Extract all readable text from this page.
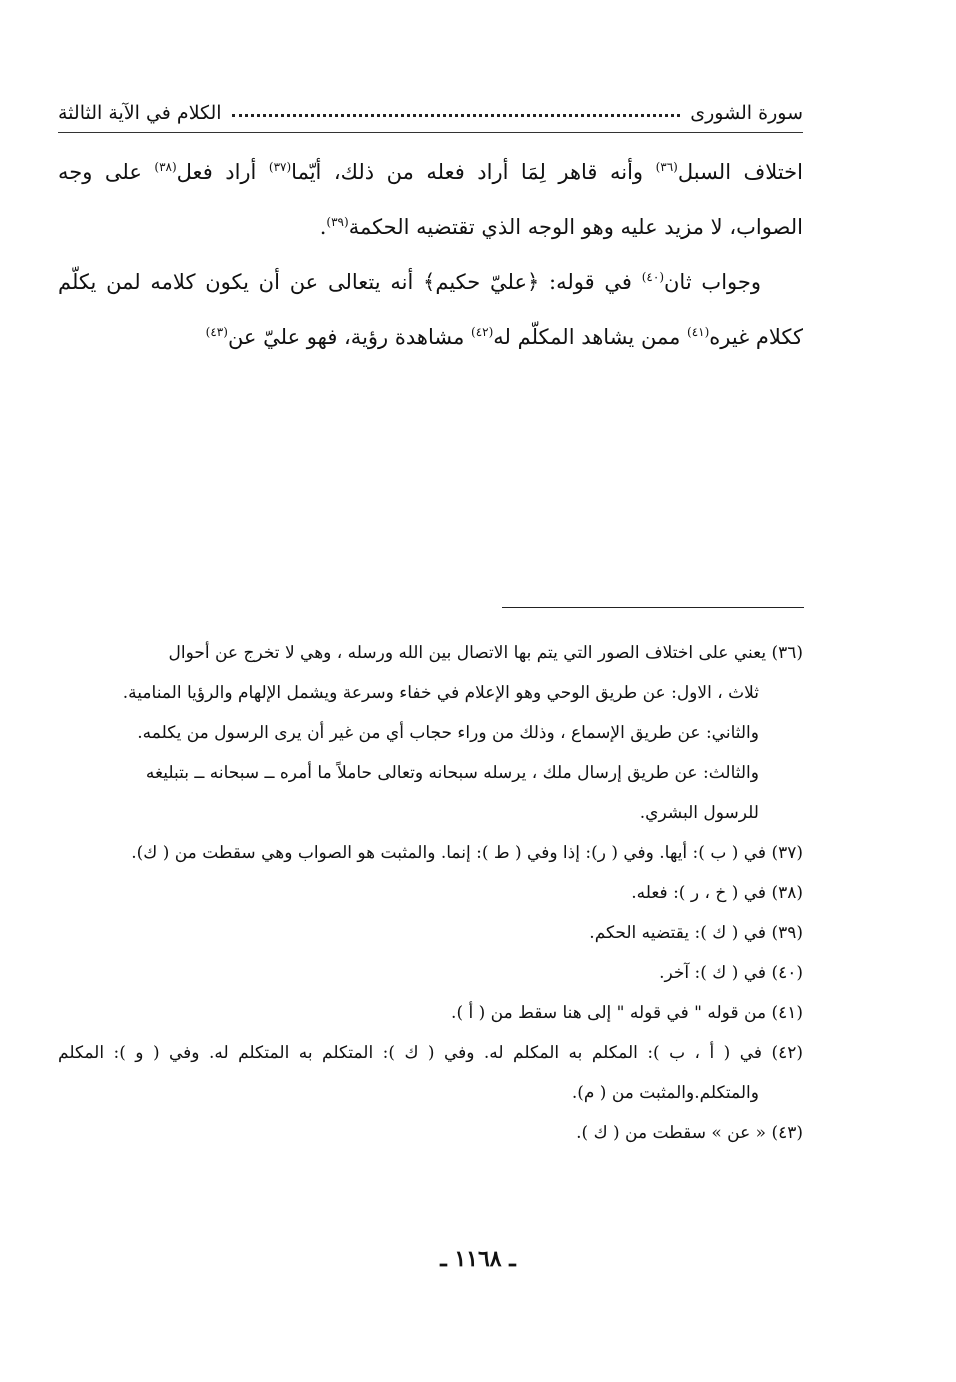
سورة الشورى
الكلام في الآية الثالثة

اختلاف السبل$^{(٣٦)}$ وأنه قاهر لِمَا أراد فعله من ذلك، أيّما$^{(٣٧)}$ أراد فعل$^{(٣٨)}$ على وجه الصواب، لا مزيد عليه وهو الوجه الذي تقتضيه الحكمة$^{(٣٩)}$.

وجواب ثان$^{(٤٠)}$ في قوله: ﴿عليّ حكيم﴾ أنه يتعالى عن أن يكون كلامه لمن يكلّم ككلام غيره$^{(٤١)}$ ممن يشاهد المكلّم له$^{(٤٢)}$ مشاهدة رؤية، فهو عليّ عن$^{(٤٣)}$

(٣٦) يعني على اختلاف الصور التي يتم بها الاتصال بين الله ورسله ، وهي لا تخرج عن أحوال

ثلاث ، الاول: عن طريق الوحي وهو الإعلام في خفاء وسرعة ويشمل الإلهام والرؤيا المنامية.

والثاني: عن طريق الإسماع ، وذلك من وراء حجاب أي من غير أن يرى الرسول من يكلمه.

والثالث: عن طريق إرسال ملك ، يرسله سبحانه وتعالى حاملاً ما أمره ــ سبحانه ــ بتبليغه

للرسول البشري.

(٣٧) في ( ب ): أيها. وفي ( ر): إذا وفي ( ط ): إنما. والمثبت هو الصواب وهي سقطت من ( ك).

(٣٨) في ( خ ، ر ): فعله.

(٣٩) في ( ك ): يقتضيه الحكم.

(٤٠) في ( ك ): آخر.

(٤١) من قوله " في قوله " إلى هنا سقط من ( أ ).

(٤٢) في ( أ ، ب ): المكلم به المكلم له. وفي ( ك ): المتكلم به المتكلم له. وفي ( و ): المكلم والمتكلم.والمثبت من ( م).

(٤٣) « عن » سقطت من ( ك ).

ـ ١١٦٨ ـ
